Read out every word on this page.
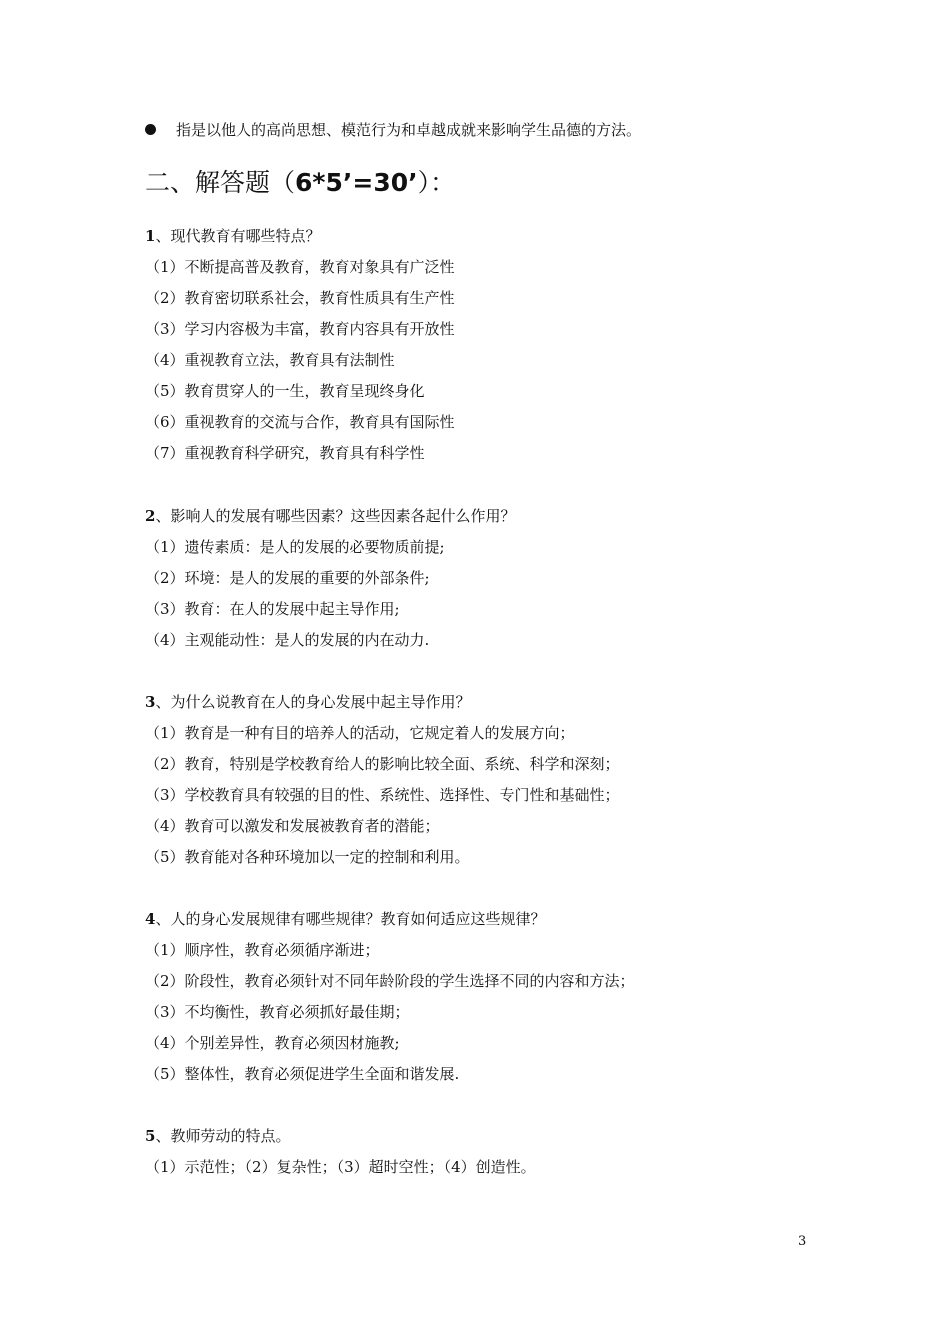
指是以他人的高尚思想、模范行为和卓越成就来影响学生品德的方法。
二、解答题（6*5’=30’）：
1、现代教育有哪些特点？
（1）不断提高普及教育，教育对象具有广泛性
（2）教育密切联系社会，教育性质具有生产性
（3）学习内容极为丰富，教育内容具有开放性
（4）重视教育立法，教育具有法制性
（5）教育贯穿人的一生，教育呈现终身化
（6）重视教育的交流与合作，教育具有国际性
（7）重视教育科学研究，教育具有科学性
2、影响人的发展有哪些因素？这些因素各起什么作用？
（1）遗传素质：是人的发展的必要物质前提;
（2）环境：是人的发展的重要的外部条件;
（3）教育：在人的发展中起主导作用;
（4）主观能动性：是人的发展的内在动力.
3、为什么说教育在人的身心发展中起主导作用？
（1）教育是一种有目的培养人的活动，它规定着人的发展方向；
（2）教育，特别是学校教育给人的影响比较全面、系统、科学和深刻；
（3）学校教育具有较强的目的性、系统性、选择性、专门性和基础性；
（4）教育可以激发和发展被教育者的潜能；
（5）教育能对各种环境加以一定的控制和利用。
4、人的身心发展规律有哪些规律？教育如何适应这些规律？
（1）顺序性，教育必须循序渐进；
（2）阶段性，教育必须针对不同年龄阶段的学生选择不同的内容和方法；
（3）不均衡性，教育必须抓好最佳期；
（4）个别差异性，教育必须因材施教;
（5）整体性，教育必须促进学生全面和谐发展.
5、教师劳动的特点。
（1）示范性；（2）复杂性；（3）超时空性；（4）创造性。
3
